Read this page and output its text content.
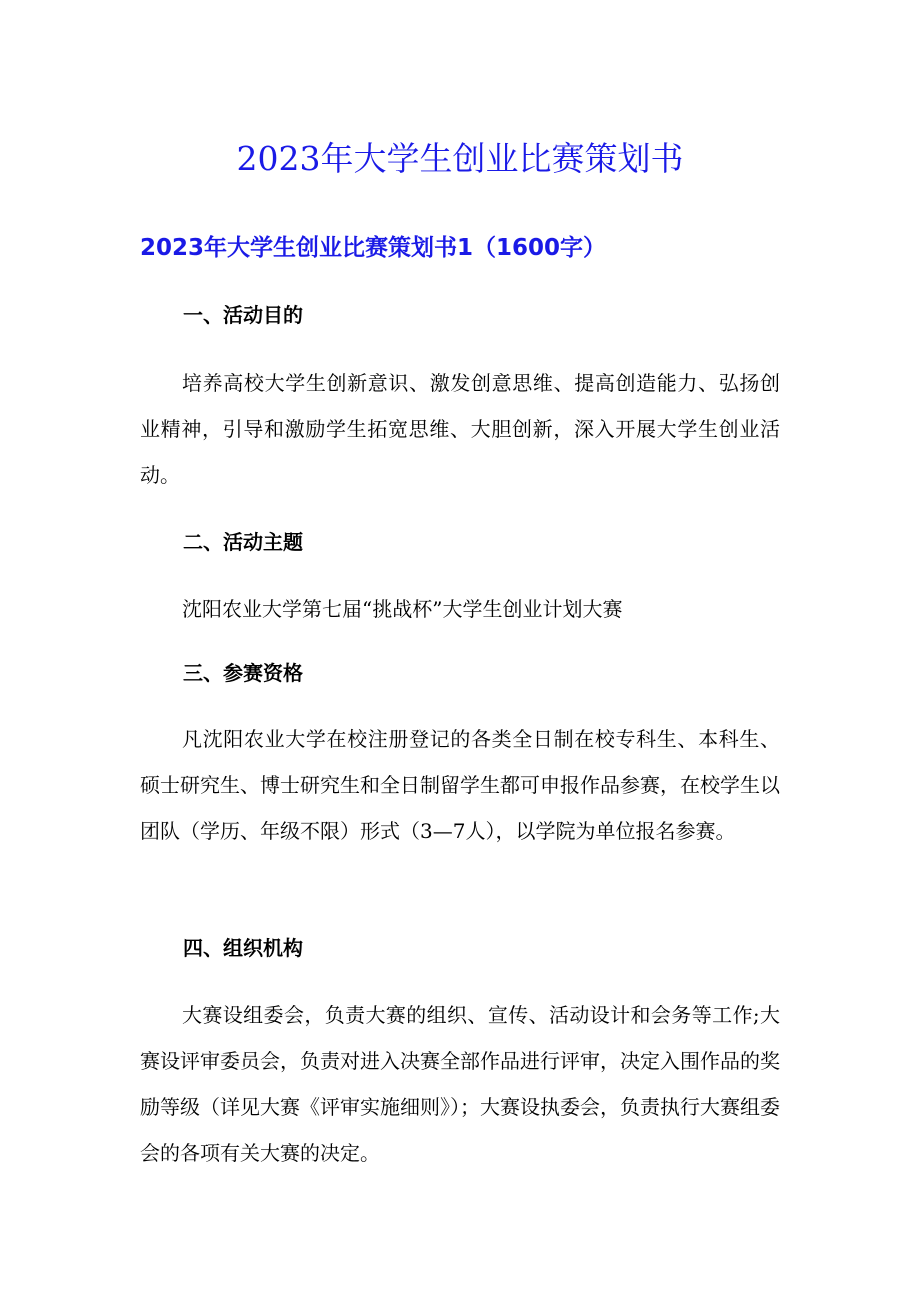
2023年大学生创业比赛策划书
2023年大学生创业比赛策划书1（1600字）
一、活动目的

培养高校大学生创新意识、激发创意思维、提高创造能力、弘扬创业精神，引导和激励学生拓宽思维、大胆创新，深入开展大学生创业活动。

二、活动主题

沈阳农业大学第七届“挑战杯”大学生创业计划大赛

三、参赛资格

凡沈阳农业大学在校注册登记的各类全日制在校专科生、本科生、硕士研究生、博士研究生和全日制留学生都可申报作品参赛，在校学生以团队（学历、年级不限）形式（3—7人），以学院为单位报名参赛。

四、组织机构

大赛设组委会，负责大赛的组织、宣传、活动设计和会务等工作;大赛设评审委员会，负责对进入决赛全部作品进行评审，决定入围作品的奖励等级（详见大赛《评审实施细则》）；大赛设执委会，负责执行大赛组委会的各项有关大赛的决定。
